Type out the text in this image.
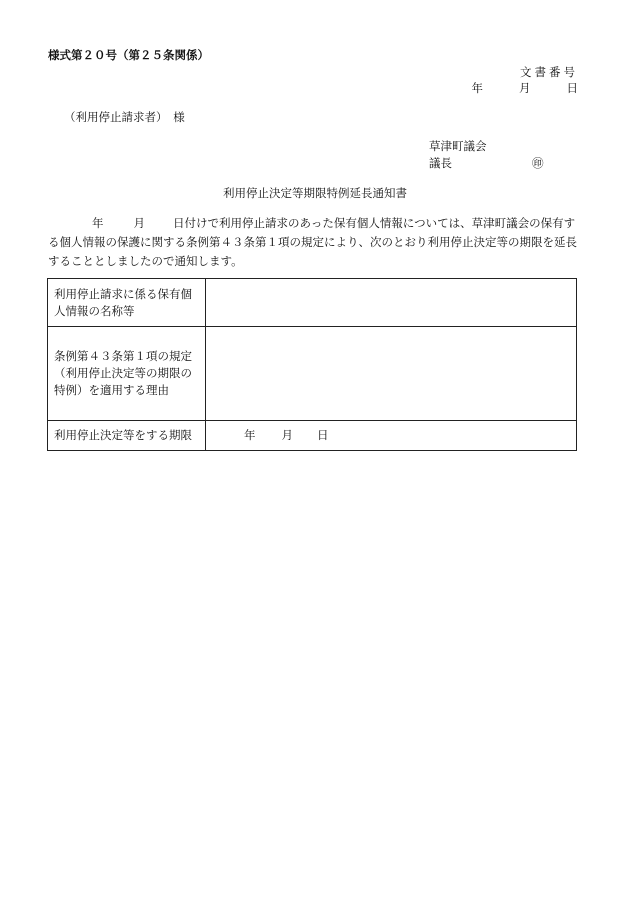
様式第２０号（第２５条関係）
文書番号
年	月	日
（利用停止請求者）　様
草津町議会
議長	㊞
利用停止決定等期限特例延長通知書
年	月 日付けで利用停止請求のあった保有個人情報については、草津町議会の保有する個人情報の保護に関する条例第４３条第１項の規定により、次のとおり利用停止決定等の期限を延長することとしましたので通知します。
利用停止請求に係る保有個人情報の名称等	
条例第４３条第１項の規定（利用停止決定等の期限の特例）を適用する理由	
利用停止決定等をする期限	年 月 日
